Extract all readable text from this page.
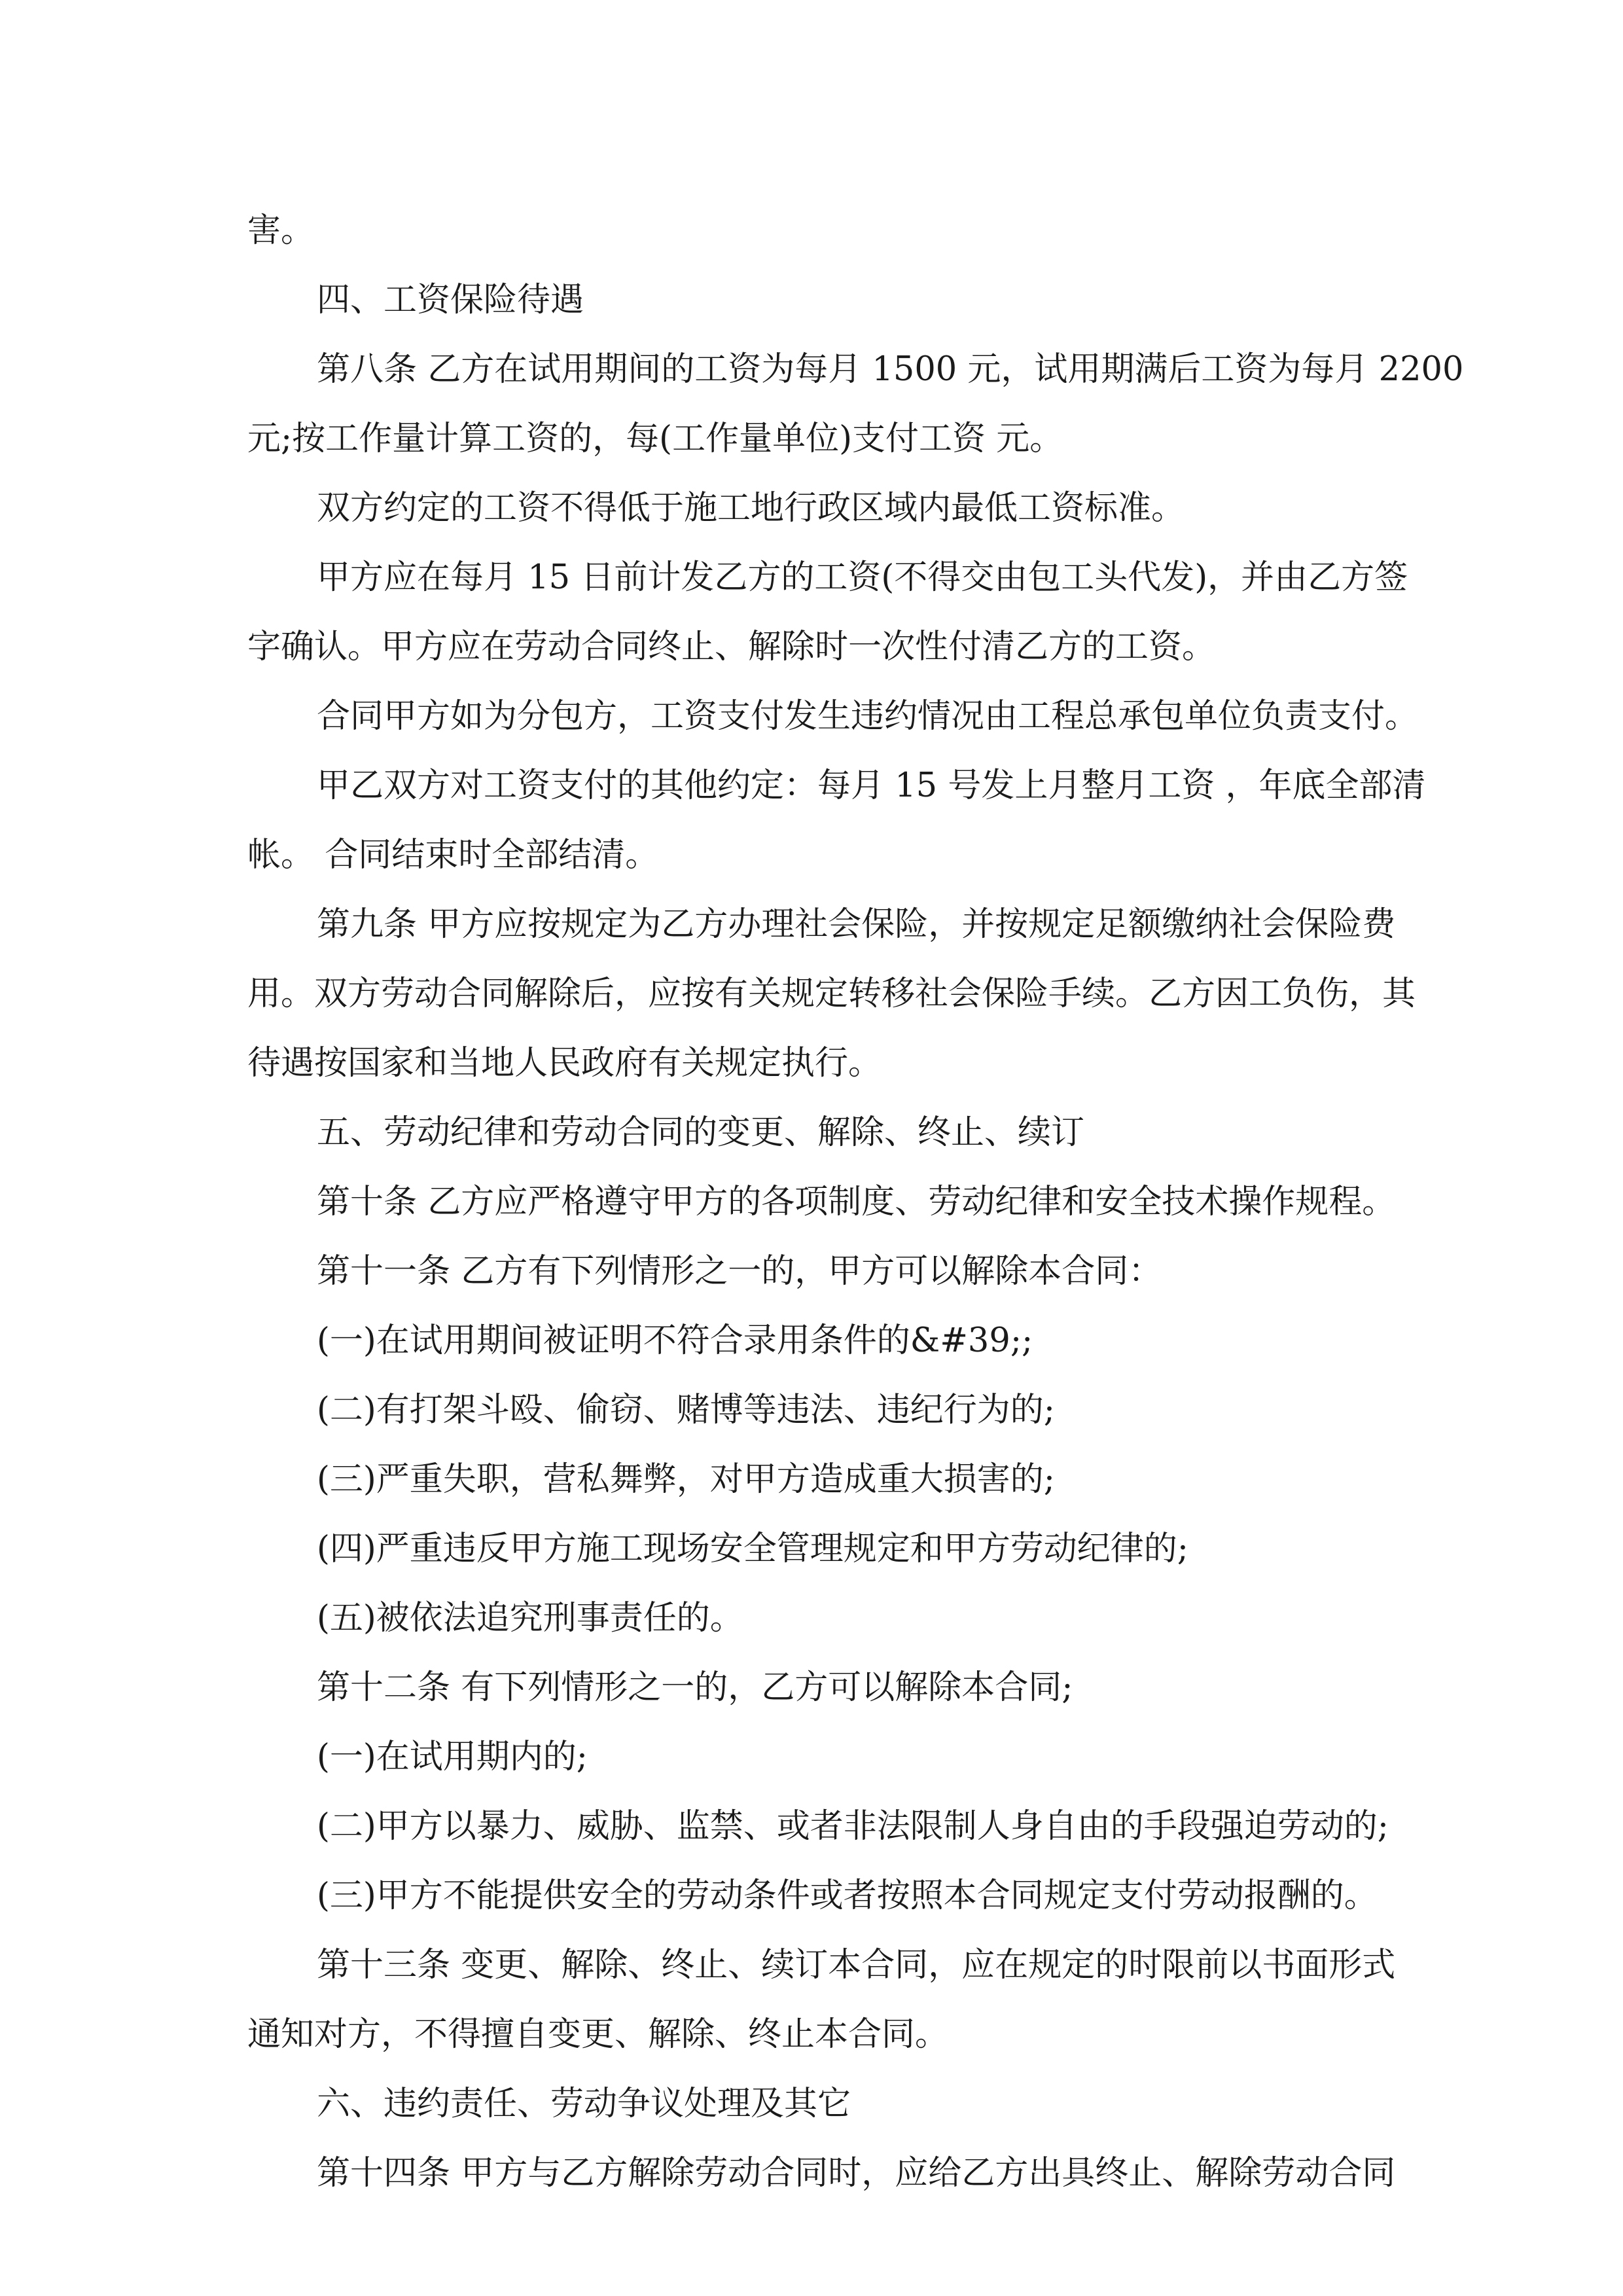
害。
四、工资保险待遇
第八条 乙方在试用期间的工资为每月 1500 元，试用期满后工资为每月 2200
元;按工作量计算工资的，每(工作量单位)支付工资 元。
双方约定的工资不得低于施工地行政区域内最低工资标准。
甲方应在每月 15 日前计发乙方的工资(不得交由包工头代发)，并由乙方签
字确认。甲方应在劳动合同终止、解除时一次性付清乙方的工资。
合同甲方如为分包方，工资支付发生违约情况由工程总承包单位负责支付。
甲乙双方对工资支付的其他约定：每月 15 号发上月整月工资 ，年底全部清
帐。 合同结束时全部结清。
第九条 甲方应按规定为乙方办理社会保险，并按规定足额缴纳社会保险费
用。双方劳动合同解除后，应按有关规定转移社会保险手续。乙方因工负伤，其
待遇按国家和当地人民政府有关规定执行。
五、劳动纪律和劳动合同的变更、解除、终止、续订
第十条 乙方应严格遵守甲方的各项制度、劳动纪律和安全技术操作规程。
第十一条 乙方有下列情形之一的，甲方可以解除本合同：
(一)在试用期间被证明不符合录用条件的&#39;;
(二)有打架斗殴、偷窃、赌博等违法、违纪行为的;
(三)严重失职，营私舞弊，对甲方造成重大损害的;
(四)严重违反甲方施工现场安全管理规定和甲方劳动纪律的;
(五)被依法追究刑事责任的。
第十二条 有下列情形之一的，乙方可以解除本合同;
(一)在试用期内的;
(二)甲方以暴力、威胁、监禁、或者非法限制人身自由的手段强迫劳动的;
(三)甲方不能提供安全的劳动条件或者按照本合同规定支付劳动报酬的。
第十三条 变更、解除、终止、续订本合同，应在规定的时限前以书面形式
通知对方，不得擅自变更、解除、终止本合同。
六、违约责任、劳动争议处理及其它
第十四条 甲方与乙方解除劳动合同时，应给乙方出具终止、解除劳动合同
